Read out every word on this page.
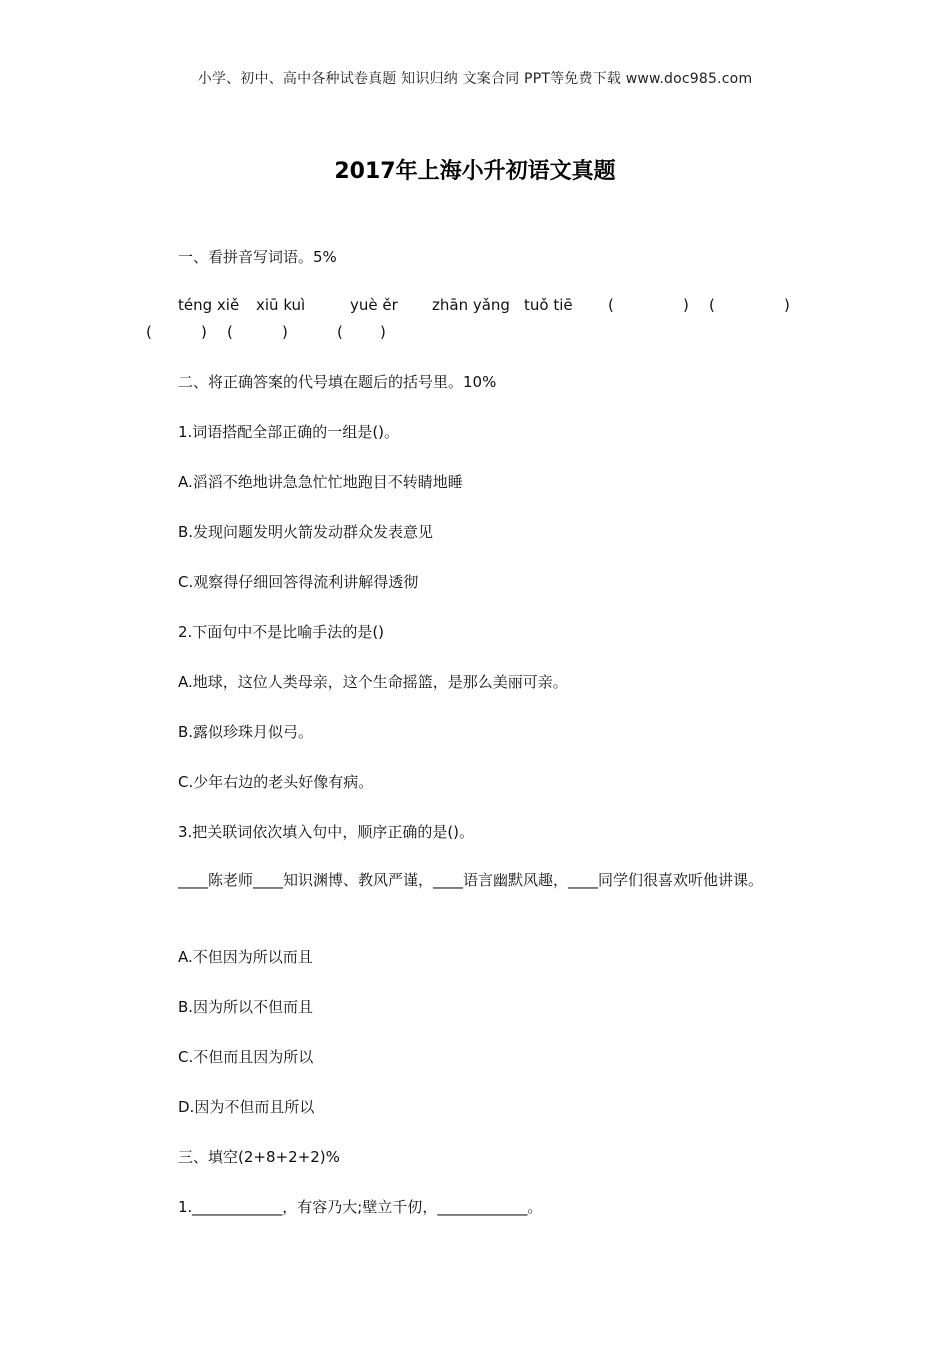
小学、初中、高中各种试卷真题 知识归纳 文案合同 PPT等免费下载 www.doc985.com
2017年上海小升初语文真题
一、看拼音写词语。5%
téng xiě xiū kuì	yuè ěr zhān yǎng tuǒ tiē (	) (	)
(	) (	)	( )
二、将正确答案的代号填在题后的括号里。10%
1.词语搭配全部正确的一组是()。
A.滔滔不绝地讲急急忙忙地跑目不转睛地睡
B.发现问题发明火箭发动群众发表意见
C.观察得仔细回答得流利讲解得透彻
2.下面句中不是比喻手法的是()
A.地球，这位人类母亲，这个生命摇篮，是那么美丽可亲。
B.露似珍珠月似弓。
C.少年右边的老头好像有病。
3.把关联词依次填入句中，顺序正确的是()。
____陈老师____知识渊博、教风严谨，____语言幽默风趣，____同学们很喜欢听他讲课。
A.不但因为所以而且
B.因为所以不但而且
C.不但而且因为所以
D.因为不但而且所以
三、填空(2+8+2+2)%
1.____________，有容乃大;壁立千仞，____________。
